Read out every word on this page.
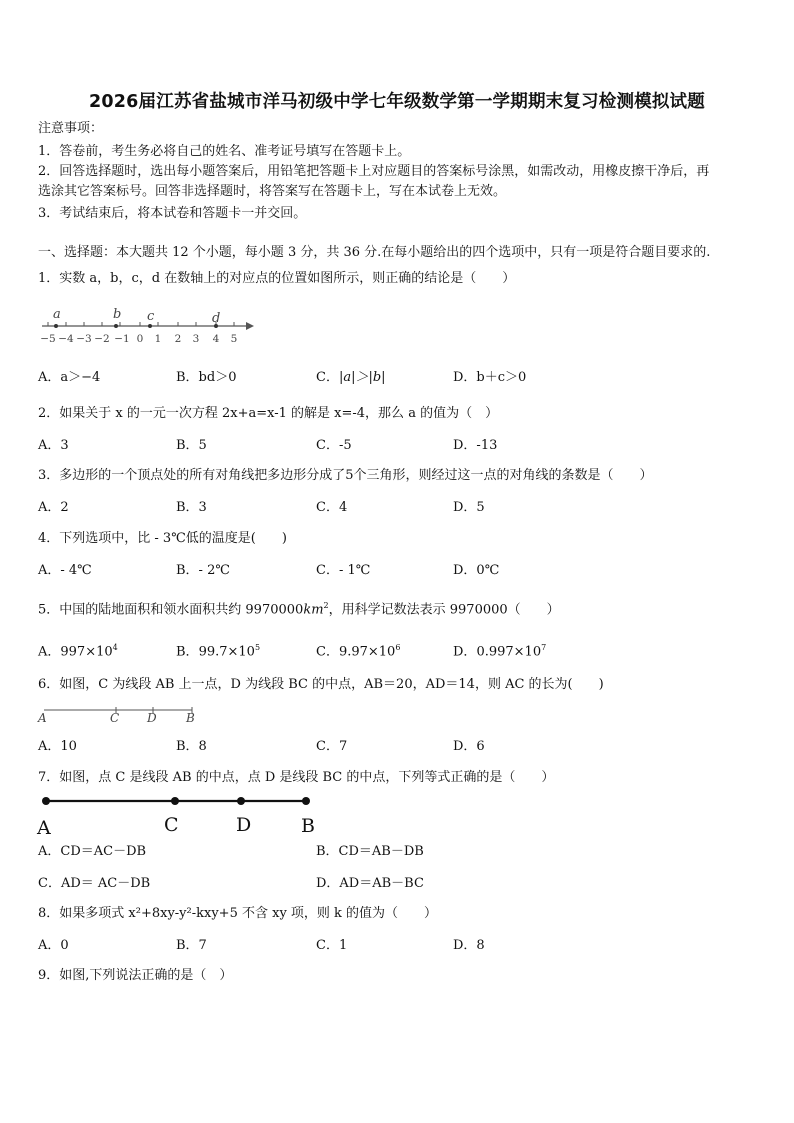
2026届江苏省盐城市洋马初级中学七年级数学第一学期期末复习检测模拟试题
注意事项：
1．答卷前，考生务必将自己的姓名、准考证号填写在答题卡上。
2．回答选择题时，选出每小题答案后，用铅笔把答题卡上对应题目的答案标号涂黑，如需改动，用橡皮擦干净后，再
选涂其它答案标号。回答非选择题时，将答案写在答题卡上，写在本试卷上无效。
3．考试结束后，将本试卷和答题卡一并交回。
一、选择题：本大题共 12 个小题，每小题 3 分，共 36 分.在每小题给出的四个选项中，只有一项是符合题目要求的.
1．实数 a，b，c，d 在数轴上的对应点的位置如图所示，则正确的结论是（　　）
a	b c	d
−5 −4 −3 −2 −1 0 1 2 3 4 5
A．a＞−4	B．bd＞0	C．|a|＞|b|	D．b＋c＞0
2．如果关于 x 的一元一次方程 2x+a=x-1 的解是 x=-4，那么 a 的值为（　）
A．3	B．5	C．-5	D．-13
3．多边形的一个顶点处的所有对角线把多边形分成了5个三角形，则经过这一点的对角线的条数是（　　）
A．2	B．3	C．4	D．5
4．下列选项中，比 - 3℃低的温度是(　　)
A．- 4℃	B．- 2℃	C．- 1℃	D．0℃
5．中国的陆地面积和领水面积共约 $9970000km^2$，用科学记数法表示 9970000（　　）
A．$997\times 10^4$	B．$99.7\times 10^5$	C．$9.97\times 10^6$	D．$0.997\times 10^7$
6．如图，C 为线段 AB 上一点，D 为线段 BC 的中点，AB＝20，AD＝14，则 AC 的长为(　　)
A	C D B
A．10	B．8	C．7	D．6
7．如图，点 C 是线段 AB 的中点，点 D 是线段 BC 的中点，下列等式正确的是（　　）
A	C	D	B
A．CD＝AC－DB	B．CD＝AB－DB
C．AD＝ AC－DB	D．AD＝AB－BC
8．如果多项式 x²+8xy-y²-kxy+5 不含 xy 项，则 k 的值为（　　）
A．0	B．7	C．1	D．8
9．如图,下列说法正确的是（　）
